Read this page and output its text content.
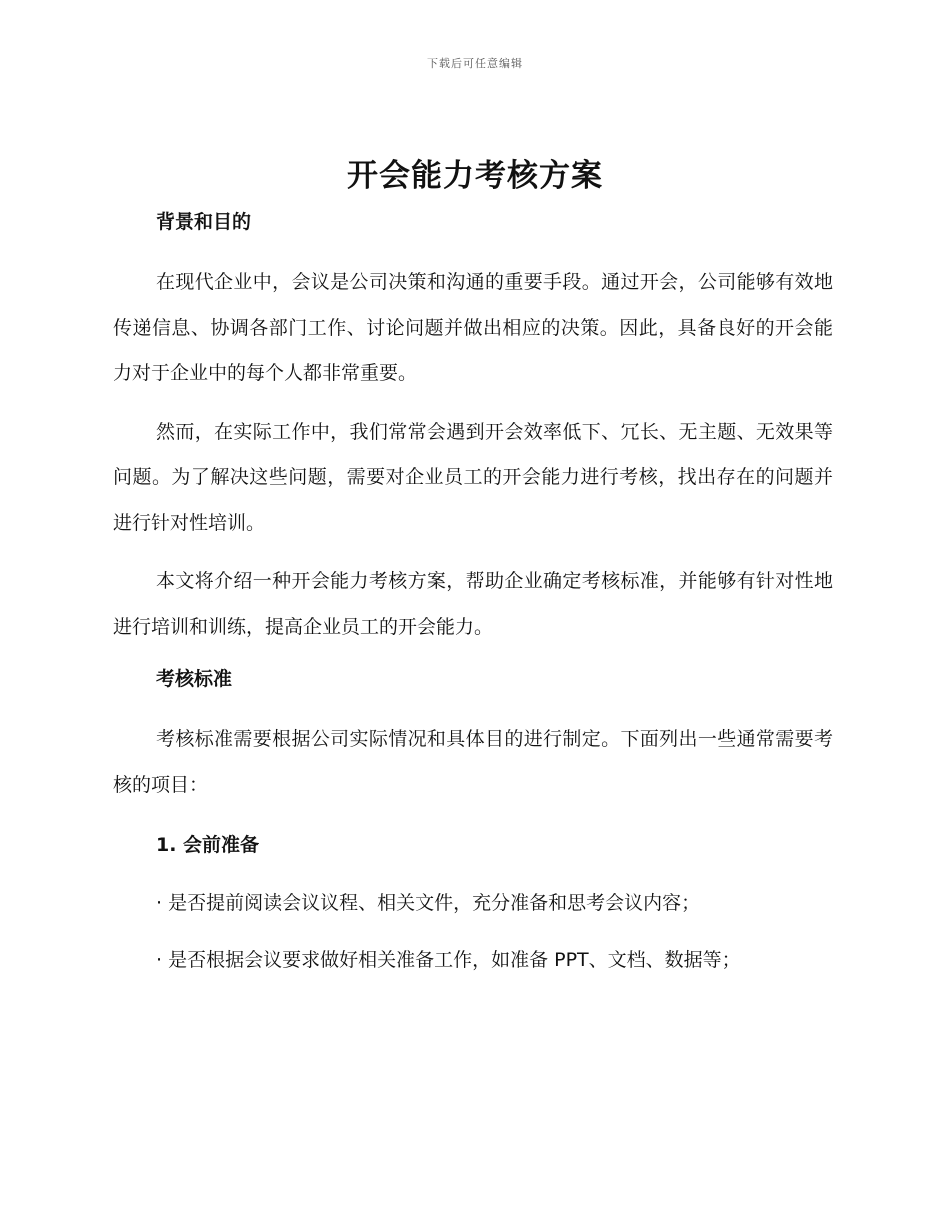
下载后可任意编辑
开会能力考核方案
背景和目的

在现代企业中，会议是公司决策和沟通的重要手段。通过开会，公司能够有效地传递信息、协调各部门工作、讨论问题并做出相应的决策。因此，具备良好的开会能力对于企业中的每个人都非常重要。

然而，在实际工作中，我们常常会遇到开会效率低下、冗长、无主题、无效果等问题。为了解决这些问题，需要对企业员工的开会能力进行考核，找出存在的问题并进行针对性培训。

本文将介绍一种开会能力考核方案，帮助企业确定考核标准，并能够有针对性地进行培训和训练，提高企业员工的开会能力。

考核标准

考核标准需要根据公司实际情况和具体目的进行制定。下面列出一些通常需要考核的项目：

1. 会前准备
· 是否提前阅读会议议程、相关文件，充分准备和思考会议内容；
· 是否根据会议要求做好相关准备工作，如准备 PPT、文档、数据等；
